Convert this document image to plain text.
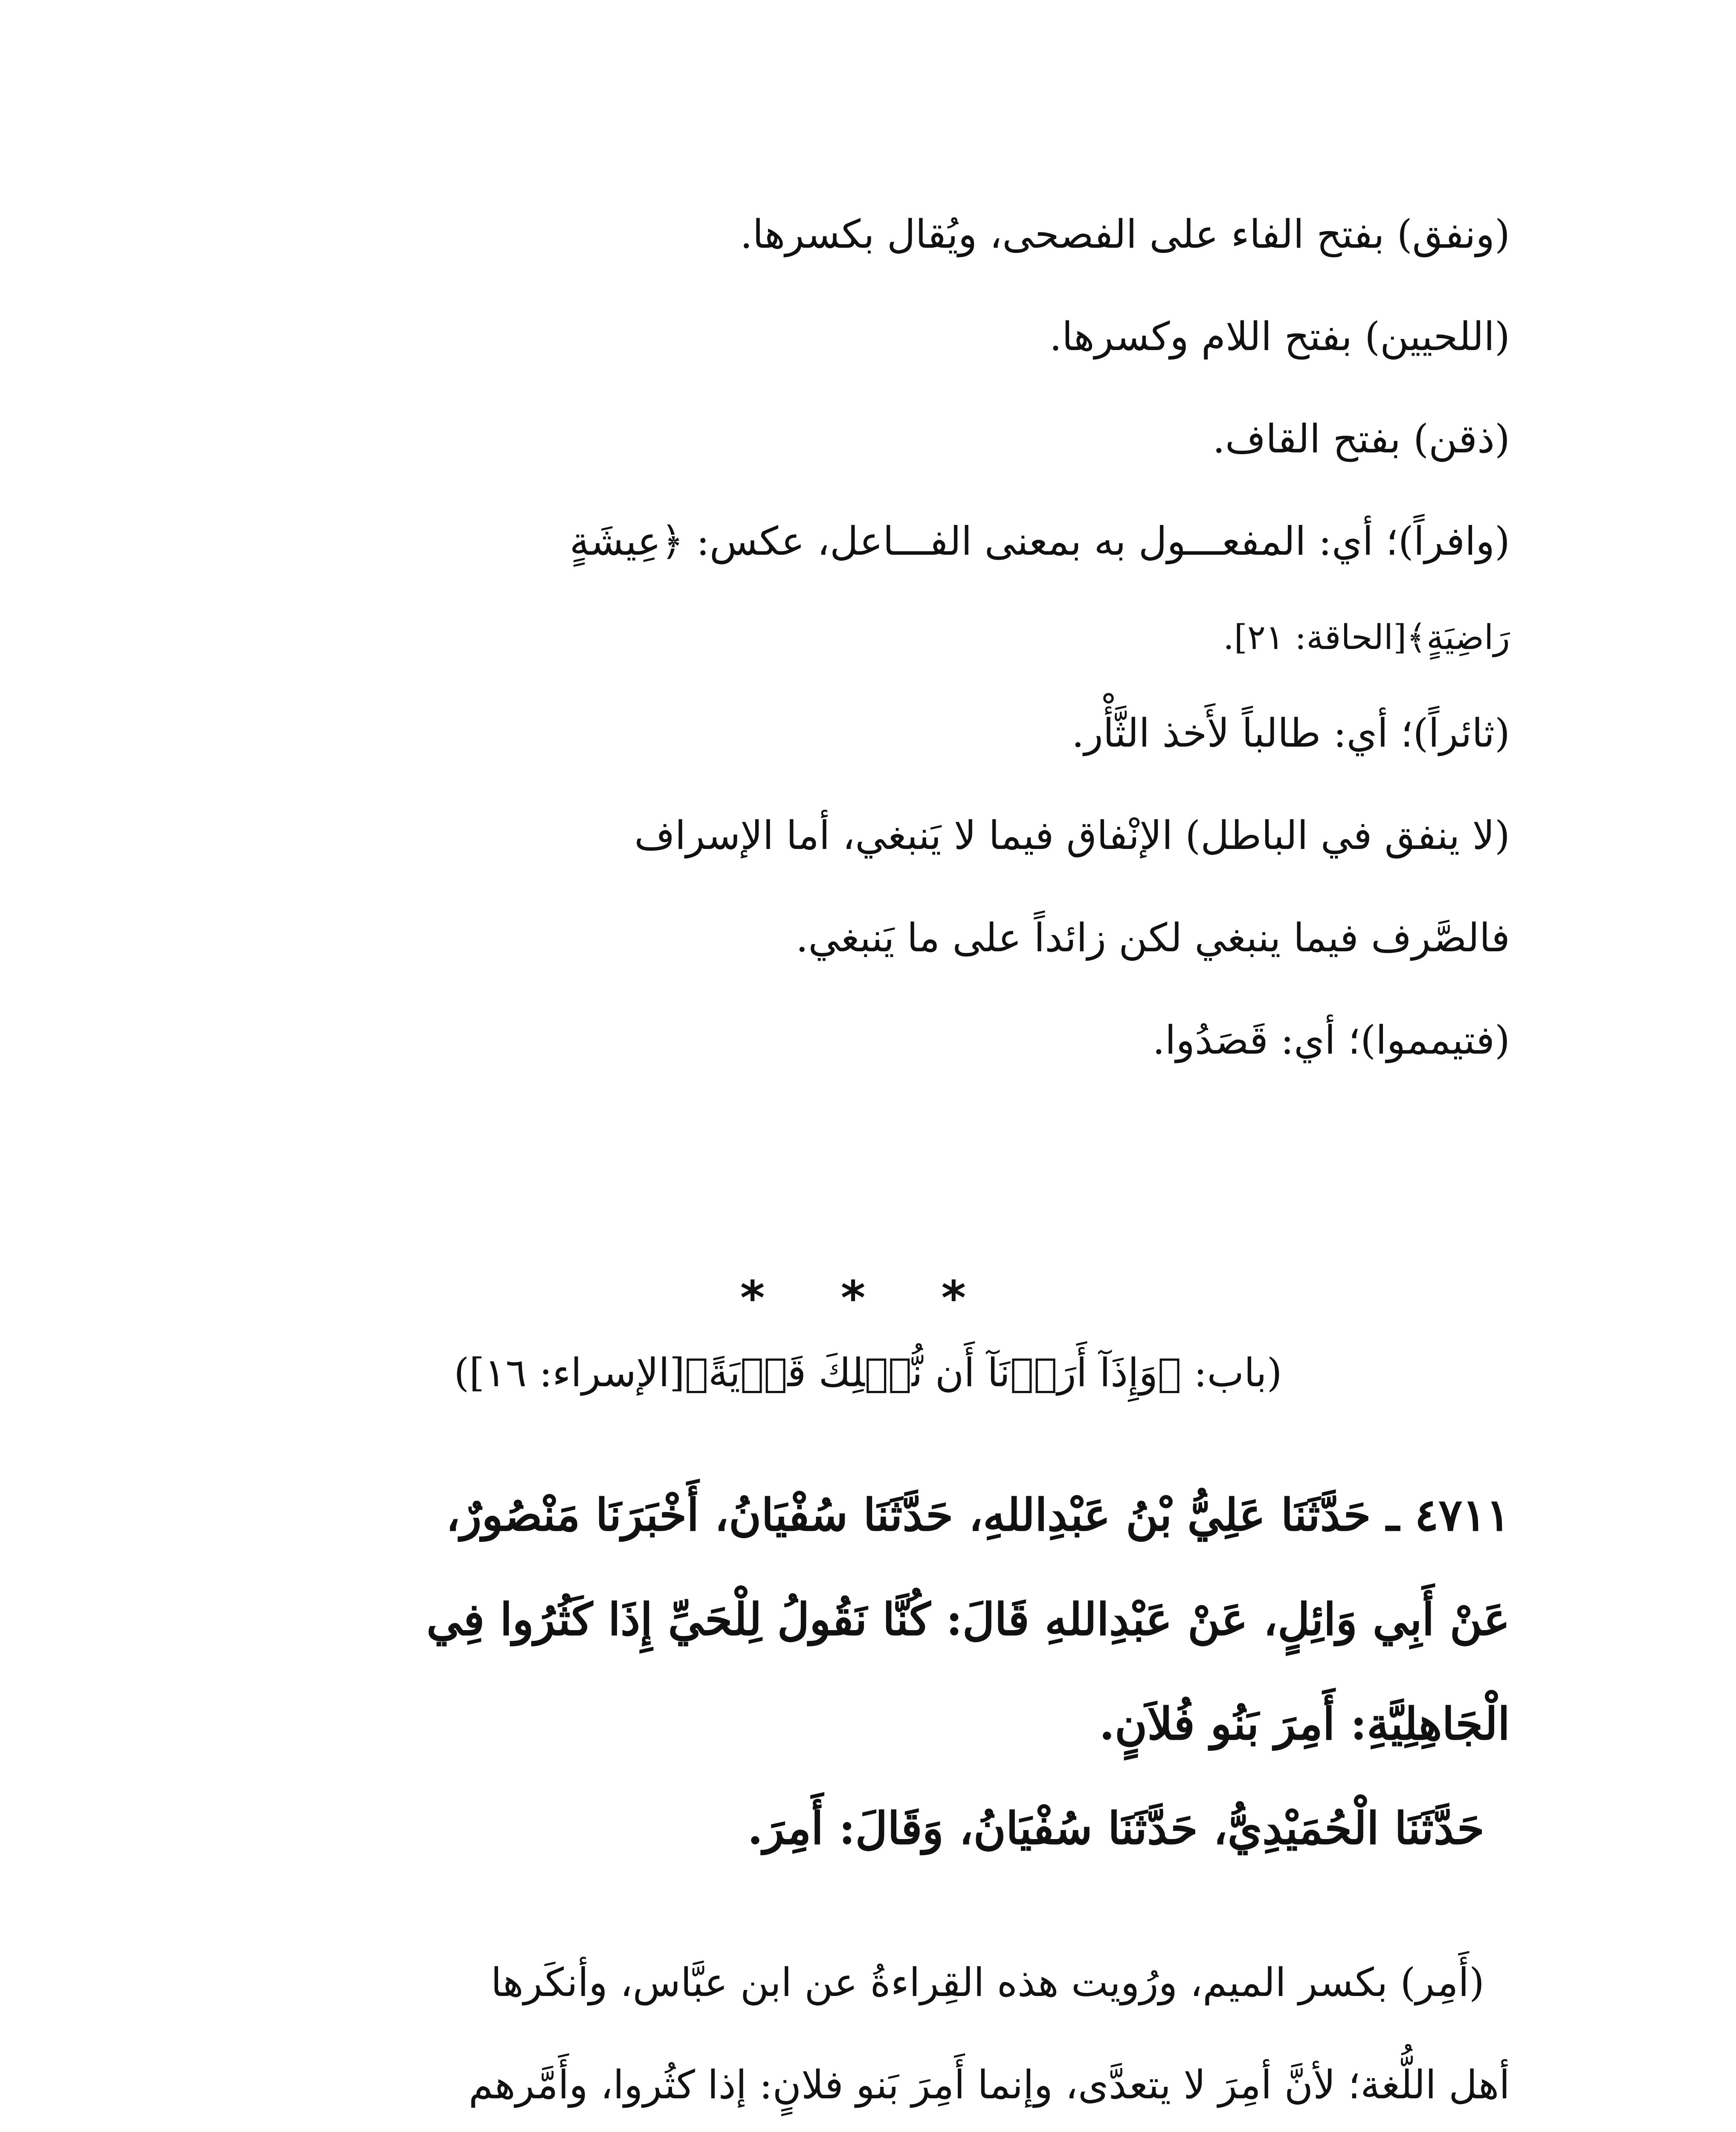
(ونفق) بفتح الفاء على الفصحى، ويُقال بكسرها.
(اللحيين) بفتح اللام وكسرها.
(ذقن) بفتح القاف.
(وافراً)؛ أي: المفعـــول به بمعنى الفـــاعل، عكس: ﴿عِيشَةٍ
رَاضِيَةٍ﴾[الحاقة: ٢١].
(ثائراً)؛ أي: طالباً لأَخذ الثَّأْر.
(لا ينفق في الباطل) الإنْفاق فيما لا يَنبغي، أما الإسراف
فالصَّرف فيما ينبغي لكن زائداً على ما يَنبغي.
(فتيمموا)؛ أي: قَصَدُوا.
* * *
(باب: ﴿وَإِذَآ أَرَدۡنَآ أَن نُّهۡلِكَ قَرۡيَةً﴾[الإسراء: ١٦])
٤٧١١ ـ حَدَّثَنَا عَلِيُّ بْنُ عَبْدِاللهِ، حَدَّثَنَا سُفْيَانُ، أَخْبَرَنَا مَنْصُورٌ،
عَنْ أَبِي وَائِلٍ، عَنْ عَبْدِاللهِ قَالَ: كُنَّا نَقُولُ لِلْحَيِّ إِذَا كَثُرُوا فِي
الْجَاهِلِيَّةِ: أَمِرَ بَنُو فُلاَنٍ.
حَدَّثَنَا الْحُمَيْدِيُّ، حَدَّثَنَا سُفْيَانُ، وَقَالَ: أَمِرَ.
(أَمِر) بكسر الميم، ورُويت هذه القِراءةُ عن ابن عبَّاس، وأنكَرها
أهل اللُّغة؛ لأنَّ أمِرَ لا يتعدَّى، وإنما أَمِرَ بَنو فلانٍ: إذا كثُروا، وأَمَّرهم
